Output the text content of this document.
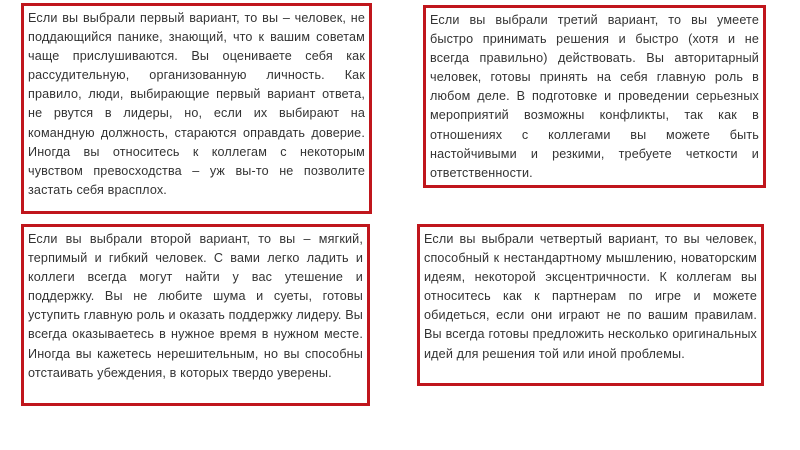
Если вы выбрали первый вариант, то вы – человек, не поддающийся панике, знающий, что к вашим советам чаще прислушиваются. Вы оцениваете себя как рассудительную, организованную личность. Как правило, люди, выбирающие первый вариант ответа, не рвутся в лидеры, но, если их выбирают на командную должность, стараются оправдать доверие. Иногда вы относитесь к коллегам с некоторым чувством превосходства – уж вы-то не позволите застать себя врасплох.

Если вы выбрали третий вариант, то вы умеете быстро принимать решения и быстро (хотя и не всегда правильно) действовать. Вы авторитарный человек, готовы принять на себя главную роль в любом деле. В подготовке и проведении серьезных мероприятий возможны конфликты, так как в отношениях с коллегами вы можете быть настойчивыми и резкими, требуете четкости и ответственности.

Если вы выбрали второй вариант, то вы – мягкий, терпимый и гибкий человек. С вами легко ладить и коллеги всегда могут найти у вас утешение и поддержку. Вы не любите шума и суеты, готовы уступить главную роль и оказать поддержку лидеру. Вы всегда оказываетесь в нужное время в нужном месте. Иногда вы кажетесь нерешительным, но вы способны отстаивать убеждения, в которых твердо уверены.

Если вы выбрали четвертый вариант, то вы человек, способный к нестандартному мышлению, новаторским идеям, некоторой эксцентричности. К коллегам вы относитесь как к партнерам по игре и можете обидеться, если они играют не по вашим правилам. Вы всегда готовы предложить несколько оригинальных идей для решения той или иной проблемы.
